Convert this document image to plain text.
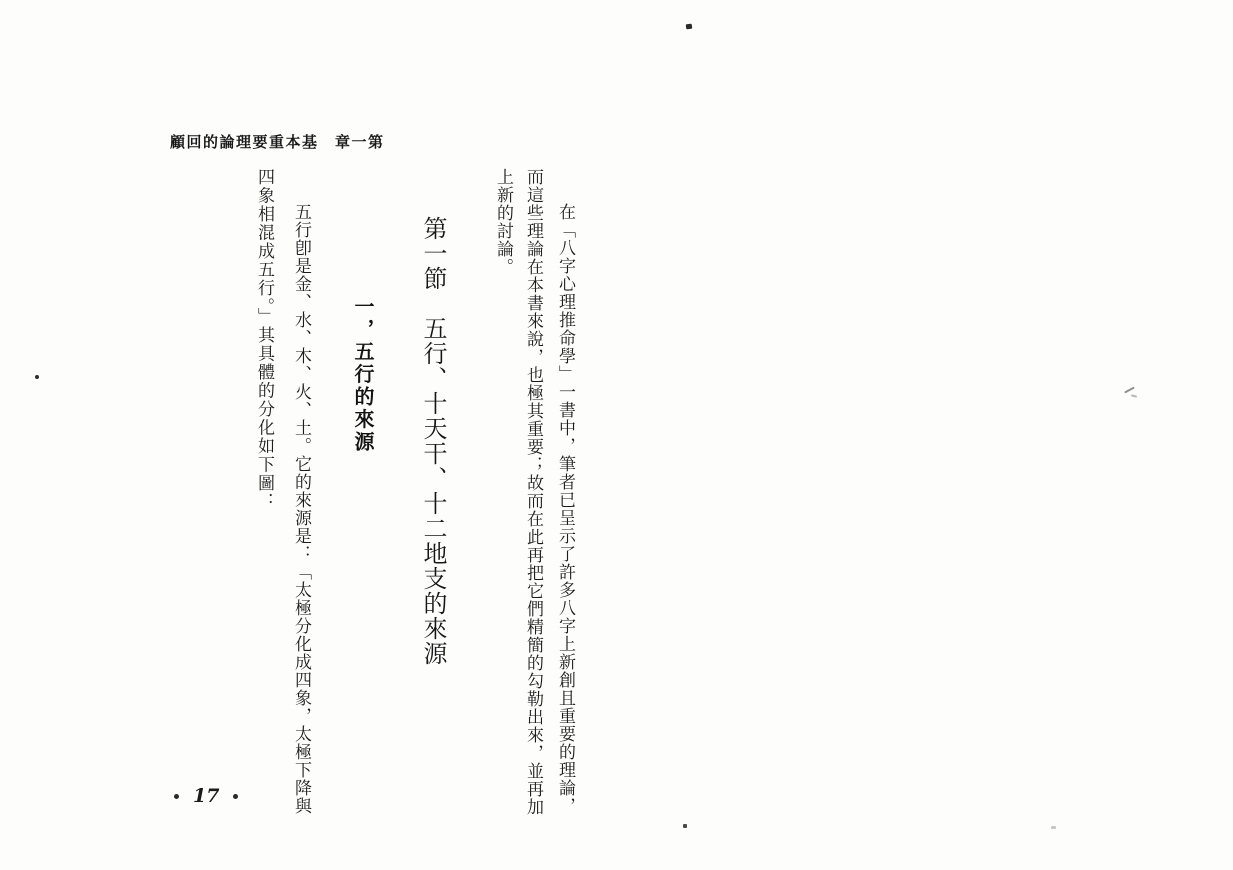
顧回的論理要重本基　章一第
在「八字心理推命學」一書中，筆者已呈示了許多八字上新創且重要的理論，
而這些理論在本書來說，也極其重要；故而在此再把它們精簡的勾勒出來，並再加
上新的討論。
第一節　五行、十天干、十二地支的來源
一，五行的來源
五行卽是金、水、木、火、土。它的來源是：「太極分化成四象，太極下降與
四象相混成五行。」其具體的分化如下圖：
17
